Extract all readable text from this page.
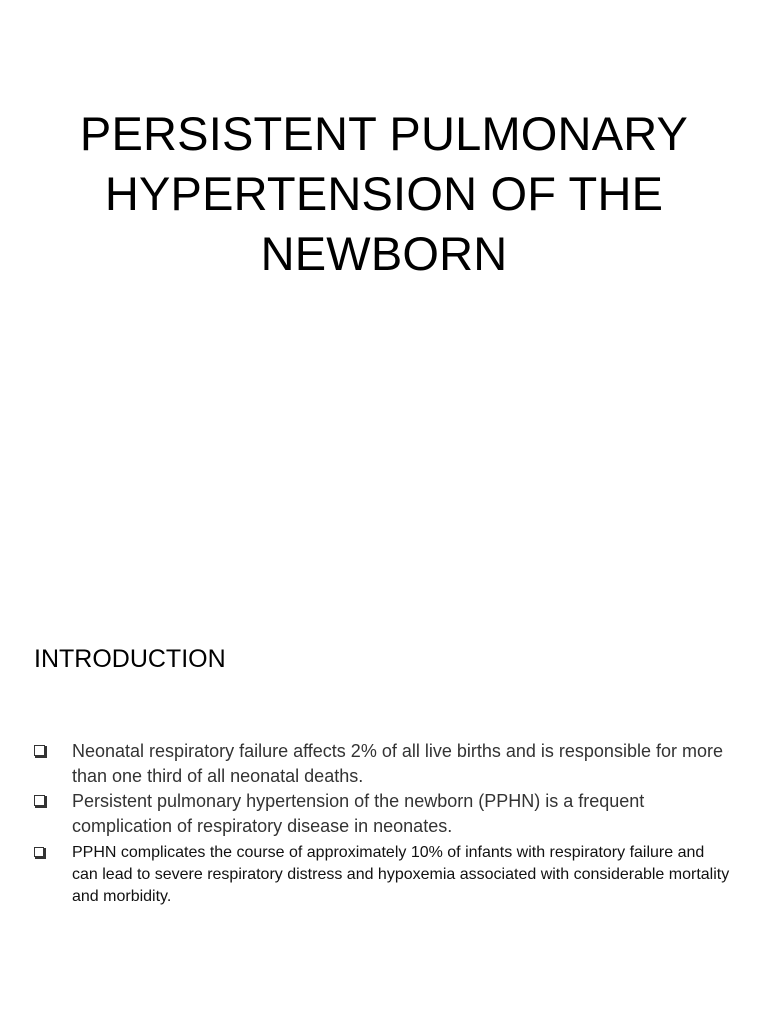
PERSISTENT PULMONARY
HYPERTENSION OF THE
NEWBORN
INTRODUCTION
Neonatal respiratory failure affects 2% of all live births and is responsible for more than one third of all neonatal deaths.
Persistent pulmonary hypertension of the newborn (PPHN) is a frequent complication of respiratory disease in neonates.
PPHN complicates the course of approximately 10% of infants with respiratory failure and can lead to severe respiratory distress and hypoxemia associated with considerable mortality and morbidity.
